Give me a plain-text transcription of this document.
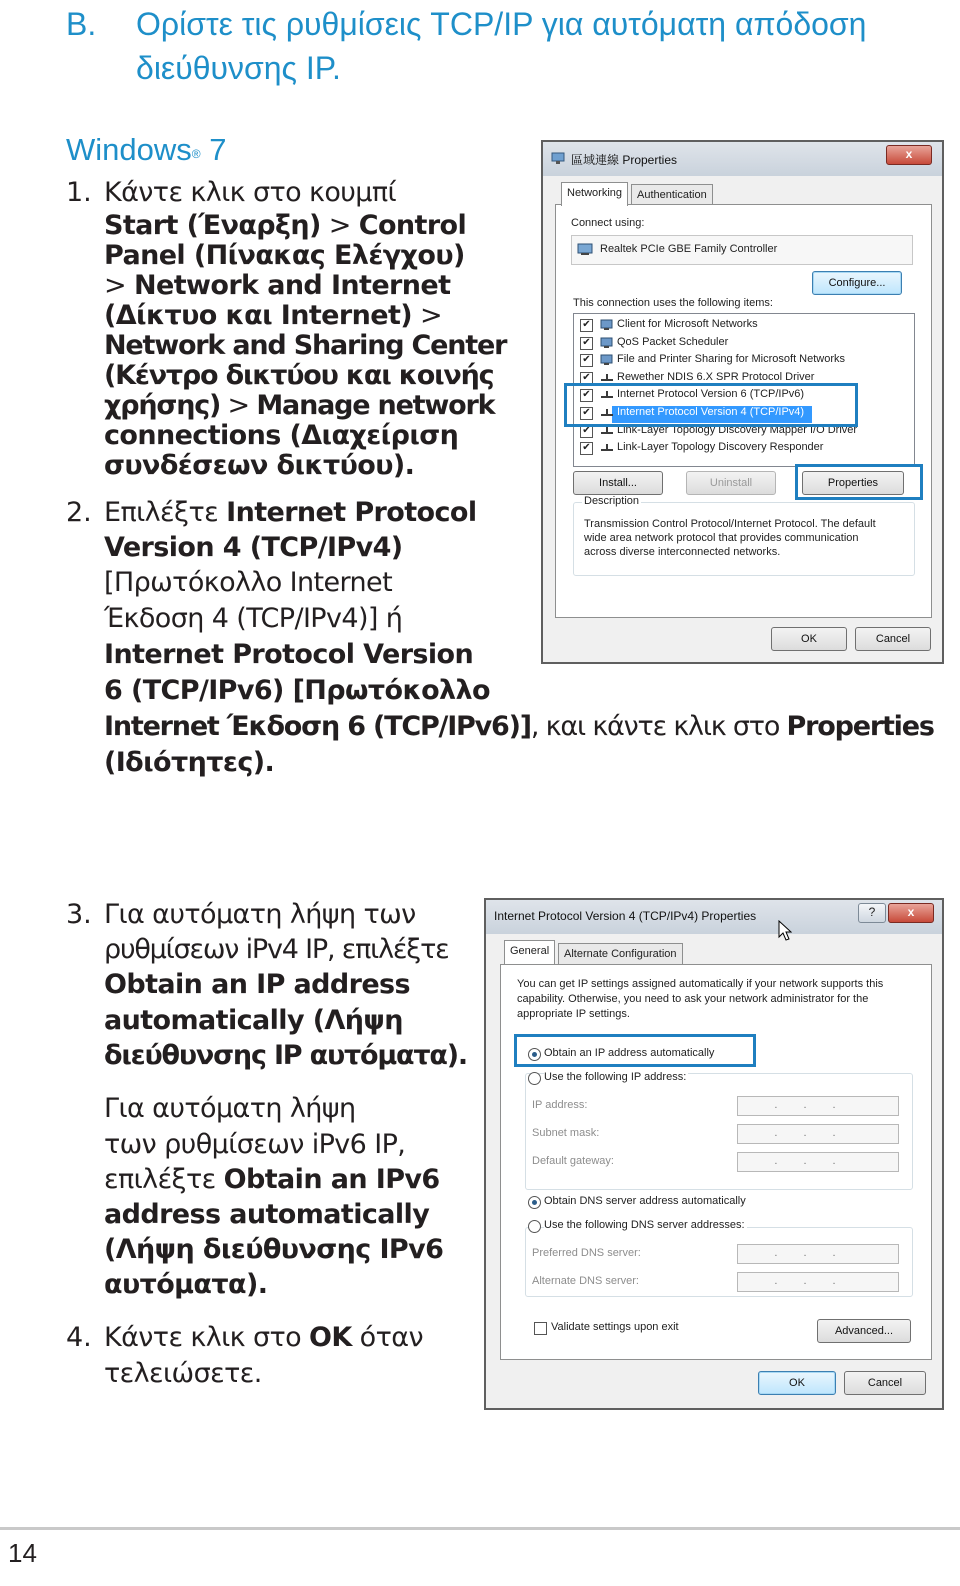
B. Ορίστε τις ρυθμίσεις TCP/IP για αυτόματη απόδοση διεύθυνσης IP.
Windows® 7
1. Κάντε κλικ στο κουμπί
Start (Έναρξη) > Control
Panel (Πίνακας Ελέγχου)
> Network and Internet
(Δίκτυο και Internet) >
Network and Sharing Center
(Κέντρο δικτύου και κοινής
χρήσης) > Manage network
connections (Διαχείριση
συνδέσεων δικτύου).
2. Επιλέξτε Internet Protocol
Version 4 (TCP/IPv4)
[Πρωτόκολλο Internet
Έκδοση 4 (TCP/IPv4)] ή
Internet Protocol Version
6 (TCP/IPv6) [Πρωτόκολλο
Internet Έκδοση 6 (TCP/IPv6)], και κάντε κλικ στο Properties
(Ιδιότητες).
3. Για αυτόματη λήψη των
ρυθμίσεων iPv4 IP, επιλέξτε
Obtain an IP address
automatically (Λήψη
διεύθυνσης IP αυτόματα).
Για αυτόματη λήψη
των ρυθμίσεων iPv6 IP,
επιλέξτε Obtain an IPv6
address automatically
(Λήψη διεύθυνσης IPv6
αυτόματα).
4. Κάντε κλικ στο OK όταν
τελειώσετε.
區域連線 Properties	x
Networking	Authentication
Connect using:
Realtek PCIe GBE Family Controller
Configure...
This connection uses the following items:
Install...	Uninstall	Properties
Description
Transmission Control Protocol/Internet Protocol. The default wide area network protocol that provides communication across diverse interconnected networks.
✔ Client for Microsoft Networks
✔ QoS Packet Scheduler
✔ File and Printer Sharing for Microsoft Networks
✔ Rewether NDIS 6.X SPR Protocol Driver
✔ Internet Protocol Version 6 (TCP/IPv6)
✔ Internet Protocol Version 4 (TCP/IPv4)
✔ Link-Layer Topology Discovery Mapper I/O Driver
✔ Link-Layer Topology Discovery Responder
OK	Cancel
Internet Protocol Version 4 (TCP/IPv4) Properties	?	x
General	Alternate Configuration
You can get IP settings assigned automatically if your network supports this capability. Otherwise, you need to ask your network administrator for the appropriate IP settings.
Obtain an IP address automatically
Use the following IP address:
IP address:	...
Subnet mask:	...
Default gateway:	...
Obtain DNS server address automatically
Use the following DNS server addresses:
Preferred DNS server:	...
Alternate DNS server:	...
Validate settings upon exit	Advanced...
OK	Cancel
14
